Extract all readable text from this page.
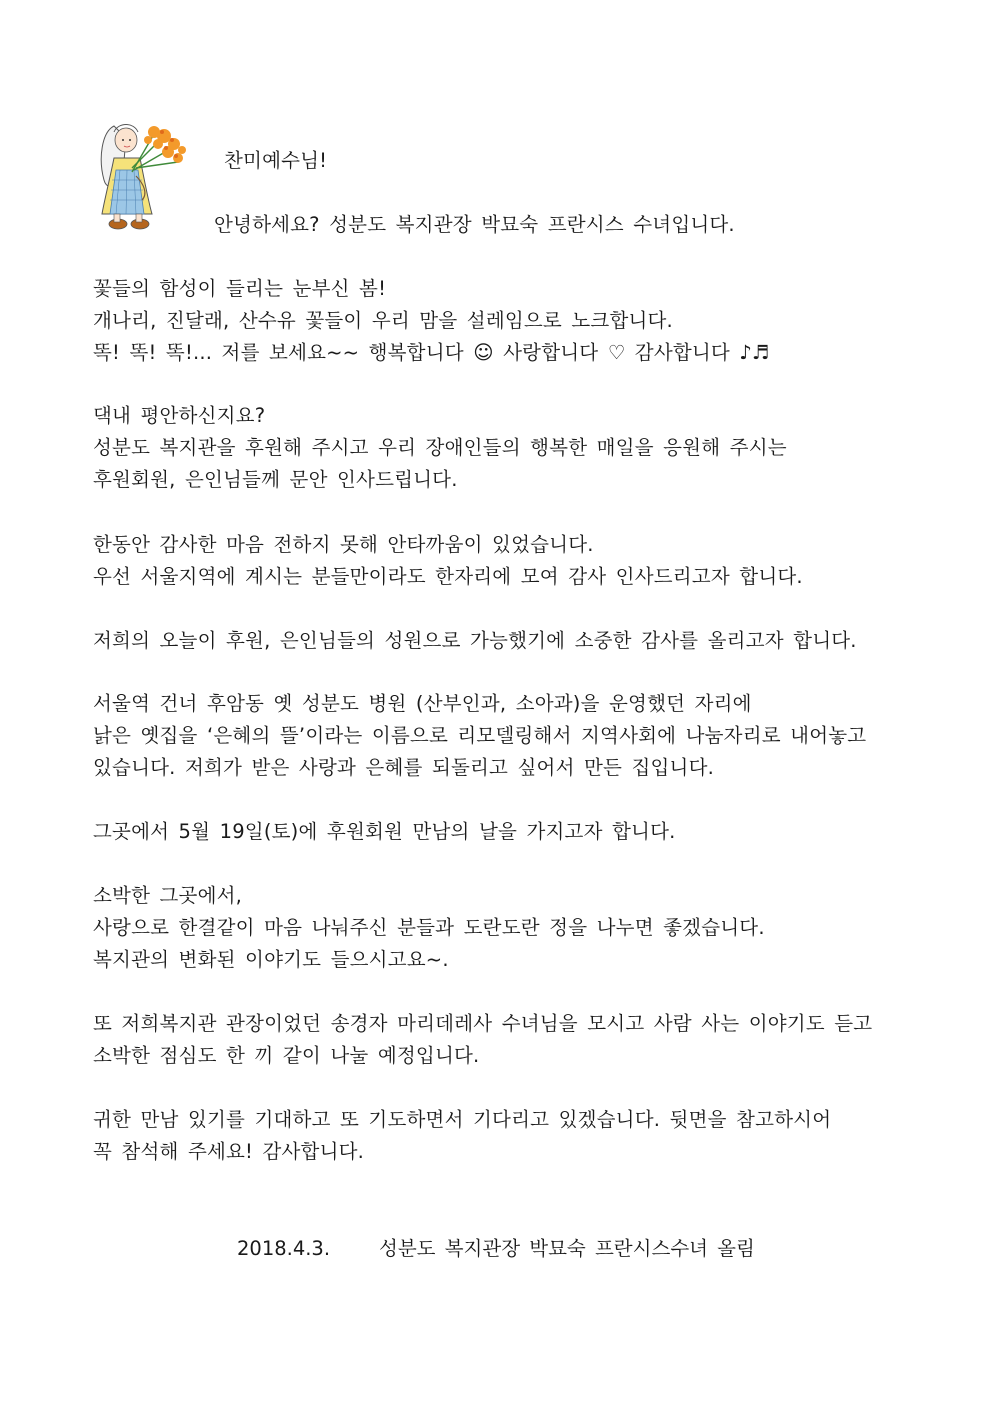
찬미예수님!
안녕하세요? 성분도 복지관장 박묘숙 프란시스 수녀입니다.
꽃들의 함성이 들리는 눈부신 봄!
개나리, 진달래, 산수유 꽃들이 우리 맘을 설레임으로 노크합니다.
똑! 똑! 똑!... 저를 보세요~~ 행복합니다 ☺ 사랑합니다 ♡ 감사합니다 ♪♬
댁내 평안하신지요?
성분도 복지관을 후원해 주시고 우리 장애인들의 행복한 매일을 응원해 주시는
후원회원, 은인님들께 문안 인사드립니다.
한동안 감사한 마음 전하지 못해 안타까움이 있었습니다.
우선 서울지역에 계시는 분들만이라도 한자리에 모여 감사 인사드리고자 합니다.
저희의 오늘이 후원, 은인님들의 성원으로 가능했기에 소중한 감사를 올리고자 합니다.
서울역 건너 후암동 옛 성분도 병원 (산부인과, 소아과)을 운영했던 자리에
낡은 옛집을 ‘은혜의 뜰’이라는 이름으로 리모델링해서 지역사회에 나눔자리로 내어놓고
있습니다. 저희가 받은 사랑과 은혜를 되돌리고 싶어서 만든 집입니다.
그곳에서 5월 19일(토)에 후원회원 만남의 날을 가지고자 합니다.
소박한 그곳에서,
사랑으로 한결같이 마음 나눠주신 분들과 도란도란 정을 나누면 좋겠습니다.
복지관의 변화된 이야기도 들으시고요~.
또 저희복지관 관장이었던 송경자 마리데레사 수녀님을 모시고 사람 사는 이야기도 듣고
소박한 점심도 한 끼 같이 나눌 예정입니다.
귀한 만남 있기를 기대하고 또 기도하면서 기다리고 있겠습니다. 뒷면을 참고하시어
꼭 참석해 주세요! 감사합니다.
2018.4.3.	성분도 복지관장 박묘숙 프란시스수녀 올림
